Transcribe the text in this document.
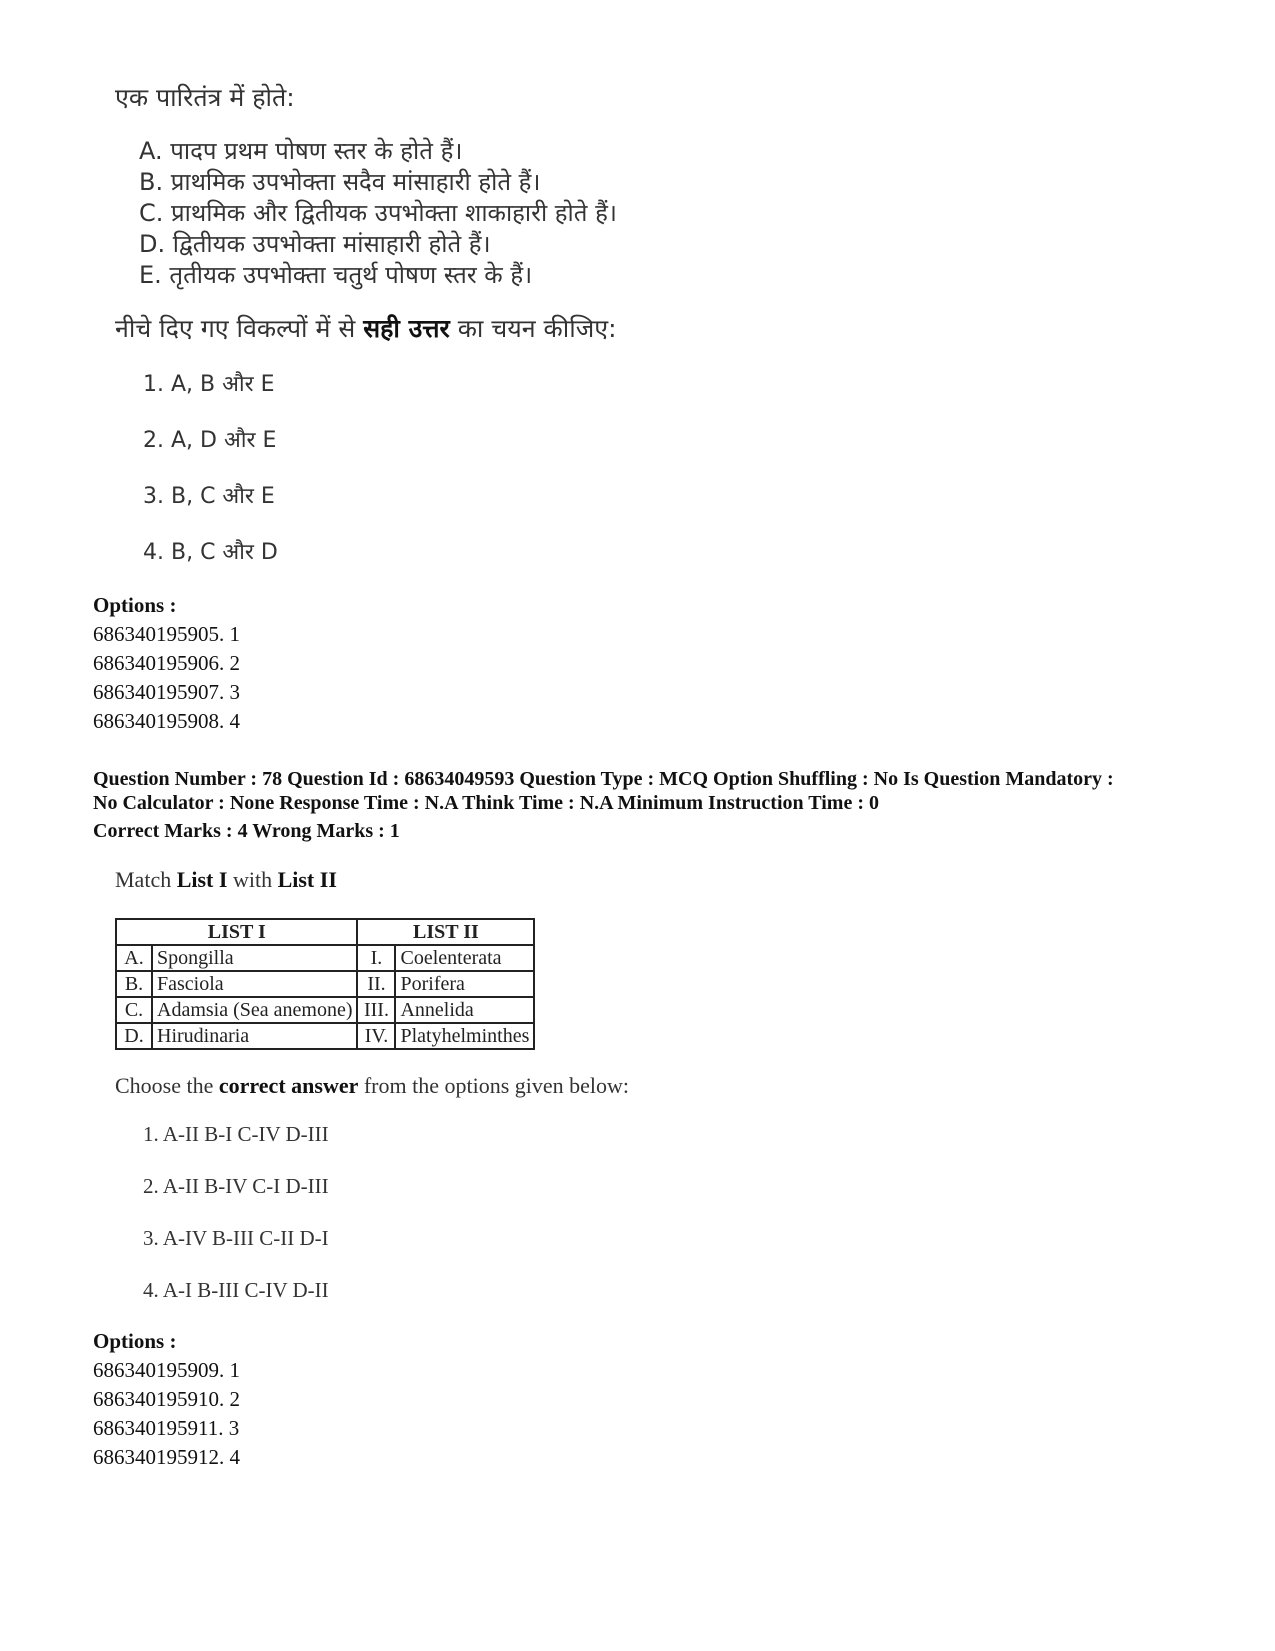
एक पारितंत्र में होते:
A. पादप प्रथम पोषण स्तर के होते हैं।
B. प्राथमिक उपभोक्ता सदैव मांसाहारी होते हैं।
C. प्राथमिक और द्वितीयक उपभोक्ता शाकाहारी होते हैं।
D. द्वितीयक उपभोक्ता मांसाहारी होते हैं।
E. तृतीयक उपभोक्ता चतुर्थ पोषण स्तर के हैं।
नीचे दिए गए विकल्पों में से सही उत्तर का चयन कीजिए:
1. A, B और E
2. A, D और E
3. B, C और E
4. B, C और D
Options :
686340195905. 1
686340195906. 2
686340195907. 3
686340195908. 4
Question Number : 78 Question Id : 68634049593 Question Type : MCQ Option Shuffling : No Is Question Mandatory :
No Calculator : None Response Time : N.A Think Time : N.A Minimum Instruction Time : 0
Correct Marks : 4 Wrong Marks : 1
Match List I with List II
LIST I		LIST II	
A.	Spongilla	I.	Coelenterata
B.	Fasciola	II.	Porifera
C.	Adamsia (Sea anemone)	III.	Annelida
D.	Hirudinaria	IV.	Platyhelminthes
Choose the correct answer from the options given below:
1. A-II B-I C-IV D-III
2. A-II B-IV C-I D-III
3. A-IV B-III C-II D-I
4. A-I B-III C-IV D-II
Options :
686340195909. 1
686340195910. 2
686340195911. 3
686340195912. 4
